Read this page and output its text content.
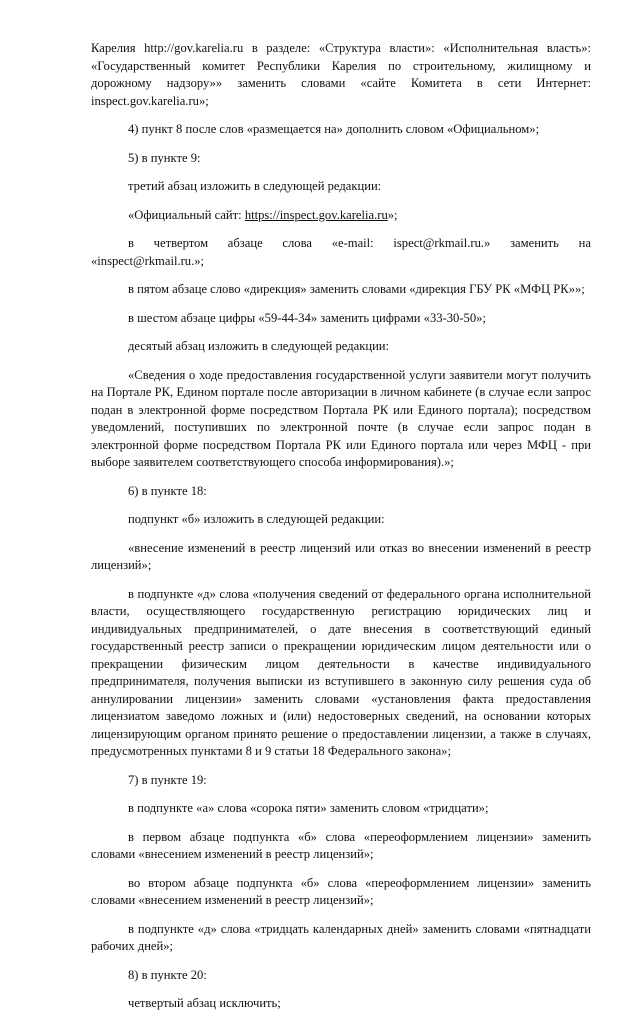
Карелия http://gov.karelia.ru в разделе: «Структура власти»: «Исполнительная власть»: «Государственный комитет Республики Карелия по строительному, жилищному и дорожному надзору»» заменить словами «сайте Комитета в сети Интернет: inspect.gov.karelia.ru»;

4) пункт 8 после слов «размещается на» дополнить словом «Официальном»;

5) в пункте 9:

третий абзац изложить в следующей редакции:

«Официальный сайт: https://inspect.gov.karelia.ru»;

в четвертом абзаце слова «e-mail: ispect@rkmail.ru.» заменить на «inspect@rkmail.ru.»;

в пятом абзаце слово «дирекция» заменить словами «дирекция ГБУ РК «МФЦ РК»»;

в шестом абзаце цифры «59-44-34» заменить цифрами «33-30-50»;

десятый абзац изложить в следующей редакции:

«Сведения о ходе предоставления государственной услуги заявители могут получить на Портале РК, Едином портале после авторизации в личном кабинете (в случае если запрос подан в электронной форме посредством Портала РК или Единого портала); посредством уведомлений, поступивших по электронной почте (в случае если запрос подан в электронной форме посредством Портала РК или Единого портала или через МФЦ - при выборе заявителем соответствующего способа информирования).»;

6) в пункте 18:

подпункт «б» изложить в следующей редакции:

«внесение изменений в реестр лицензий или отказ во внесении изменений в реестр лицензий»;

в подпункте «д» слова «получения сведений от федерального органа исполнительной власти, осуществляющего государственную регистрацию юридических лиц и индивидуальных предпринимателей, о дате внесения в соответствующий единый государственный реестр записи о прекращении юридическим лицом деятельности или о прекращении физическим лицом деятельности в качестве индивидуального предпринимателя, получения выписки из вступившего в законную силу решения суда об аннулировании лицензии» заменить словами «установления факта предоставления лицензиатом заведомо ложных и (или) недостоверных сведений, на основании которых лицензирующим органом принято решение о предоставлении лицензии, а также в случаях, предусмотренных пунктами 8 и 9 статьи 18 Федерального закона»;

7) в пункте 19:

в подпункте «а» слова «сорока пяти» заменить словом «тридцати»;

в первом абзаце подпункта «б» слова «переоформлением лицензии» заменить словами «внесением изменений в реестр лицензий»;

во втором абзаце подпункта «б» слова «переоформлением лицензии» заменить словами «внесением изменений в реестр лицензий»;

в подпункте «д» слова «тридцать календарных дней» заменить словами «пятнадцати рабочих дней»;

8) в пункте 20:

четвертый абзац исключить;
